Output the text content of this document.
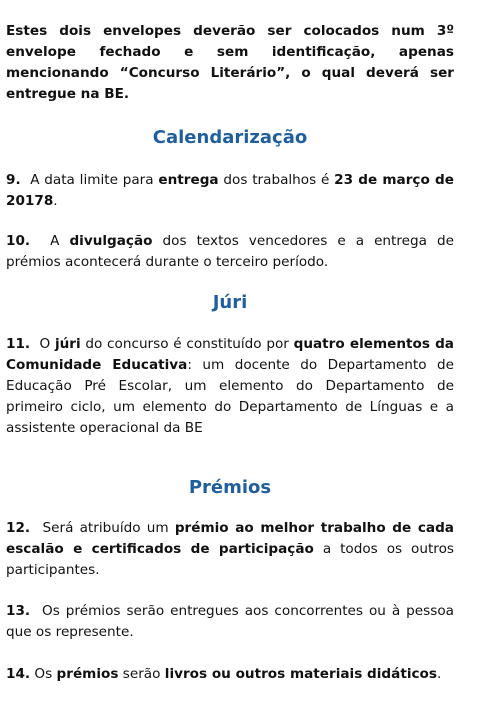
Estes dois envelopes deverão ser colocados num 3º envelope fechado e sem identificação, apenas mencionando “Concurso Literário”, o qual deverá ser entregue na BE.

Calendarização

9. A data limite para entrega dos trabalhos é 23 de março de 20178.

10. A divulgação dos textos vencedores e a entrega de prémios acontecerá durante o terceiro período.

Júri

11. O júri do concurso é constituído por quatro elementos da Comunidade Educativa: um docente do Departamento de Educação Pré Escolar, um elemento do Departamento de primeiro ciclo, um elemento do Departamento de Línguas e a assistente operacional da BE

Prémios

12. Será atribuído um prémio ao melhor trabalho de cada escalão e certificados de participação a todos os outros participantes.

13. Os prémios serão entregues aos concorrentes ou à pessoa que os represente.

14. Os prémios serão livros ou outros materiais didáticos.
